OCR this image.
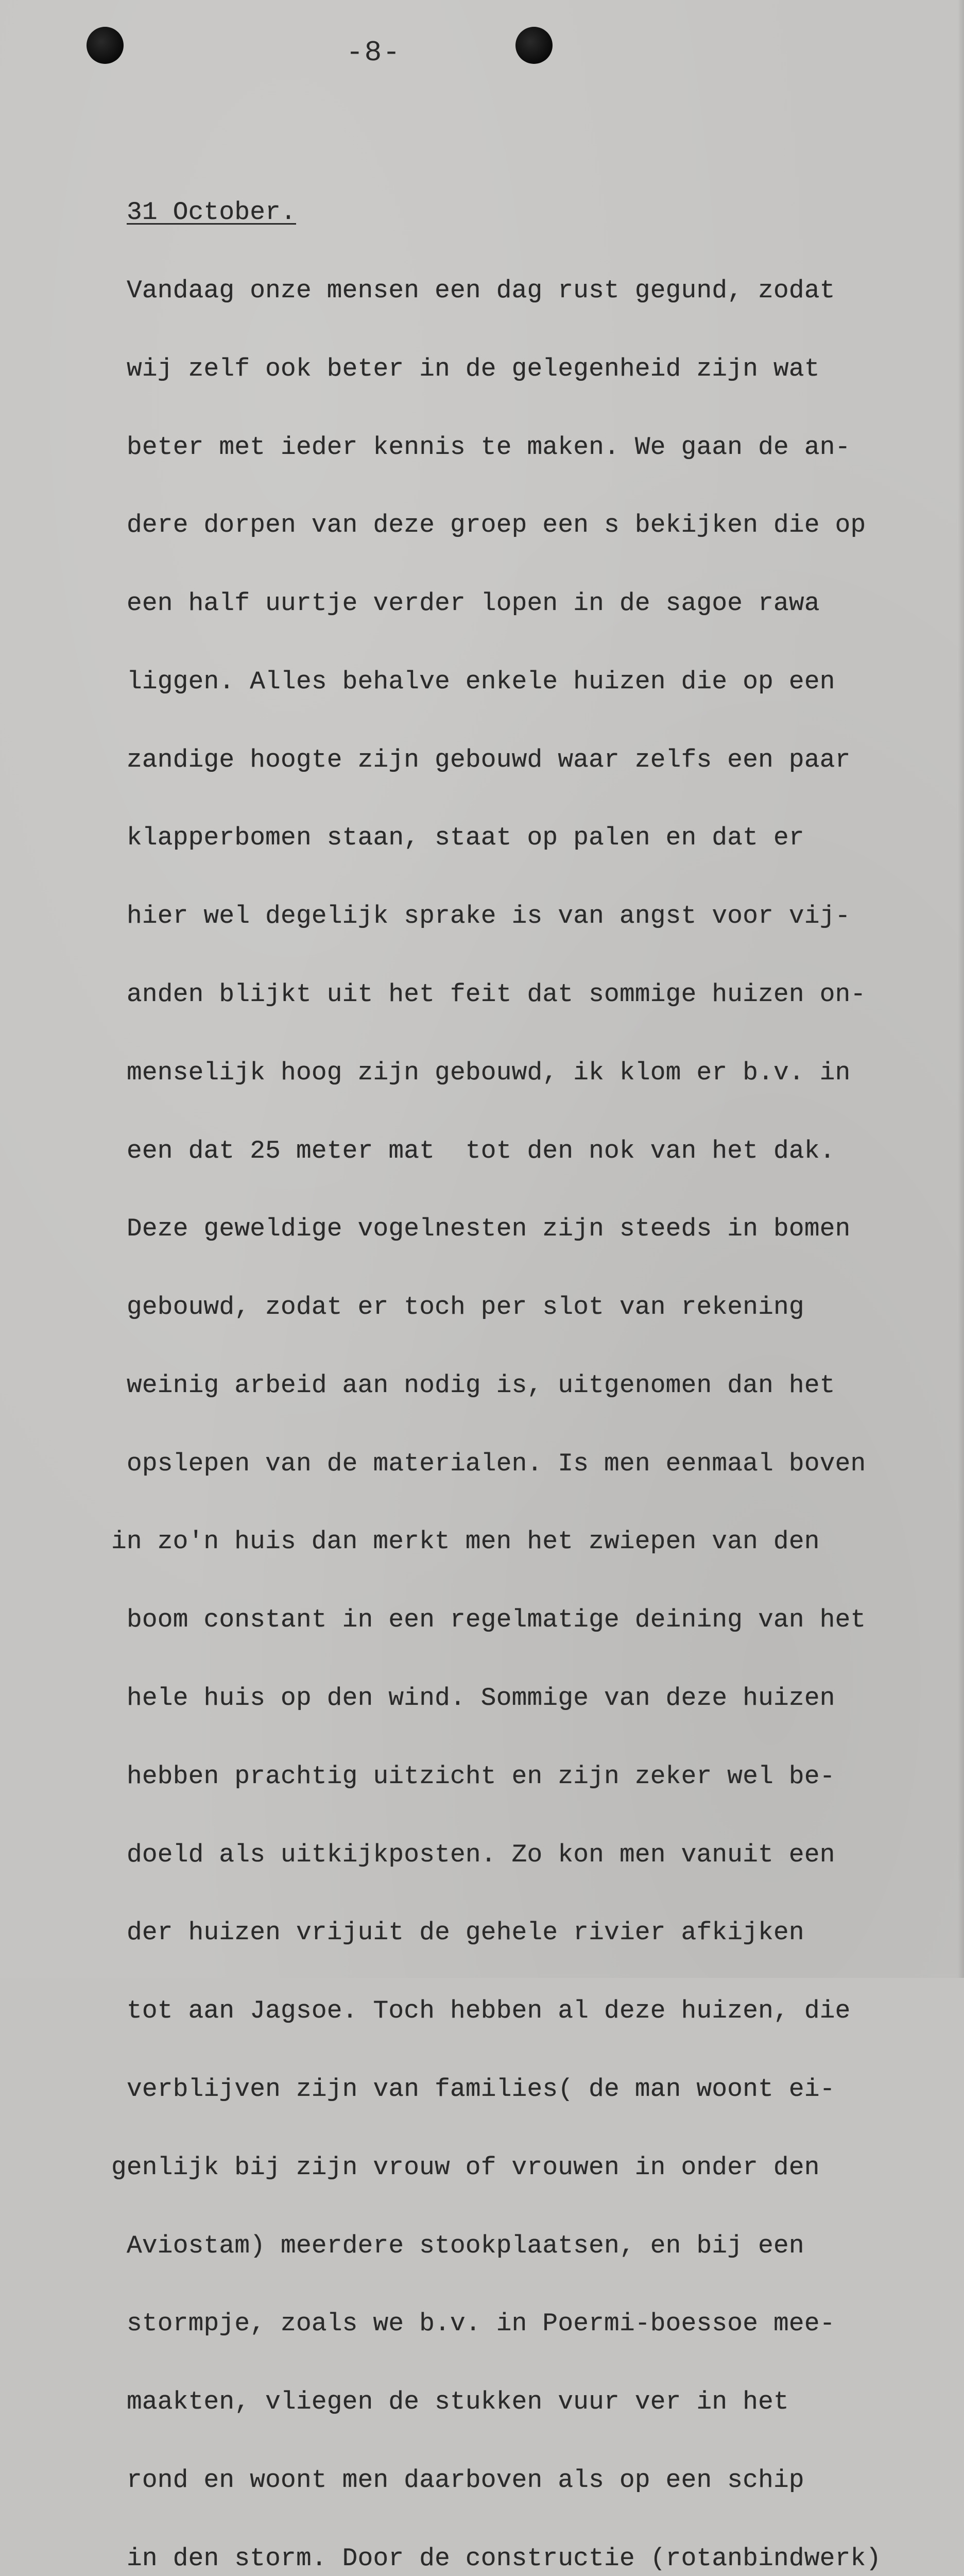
-8-

31 October.

Vandaag onze mensen een dag rust gegund, zodat

wij zelf ook beter in de gelegenheid zijn wat

beter met ieder kennis te maken. We gaan de an-

dere dorpen van deze groep een s bekijken die op

een half uurtje verder lopen in de sagoe rawa

liggen. Alles behalve enkele huizen die op een

zandige hoogte zijn gebouwd waar zelfs een paar

klapperbomen staan, staat op palen en dat er

hier wel degelijk sprake is van angst voor vij-

anden blijkt uit het feit dat sommige huizen on-

menselijk hoog zijn gebouwd, ik klom er b.v. in

een dat 25 meter mat  tot den nok van het dak.

Deze geweldige vogelnesten zijn steeds in bomen

gebouwd, zodat er toch per slot van rekening

weinig arbeid aan nodig is, uitgenomen dan het

opslepen van de materialen. Is men eenmaal boven

in zo'n huis dan merkt men het zwiepen van den

boom constant in een regelmatige deining van het

hele huis op den wind. Sommige van deze huizen

hebben prachtig uitzicht en zijn zeker wel be-

doeld als uitkijkposten. Zo kon men vanuit een

der huizen vrijuit de gehele rivier afkijken

tot aan Jagsoe. Toch hebben al deze huizen, die

verblijven zijn van families( de man woont ei-

genlijk bij zijn vrouw of vrouwen in onder den

Aviostam) meerdere stookplaatsen, en bij een

stormpje, zoals we b.v. in Poermi-boessoe mee-

maakten, vliegen de stukken vuur ver in het

rond en woont men daarboven als op een schip

in den storm. Door de constructie (rotanbindwerk)
